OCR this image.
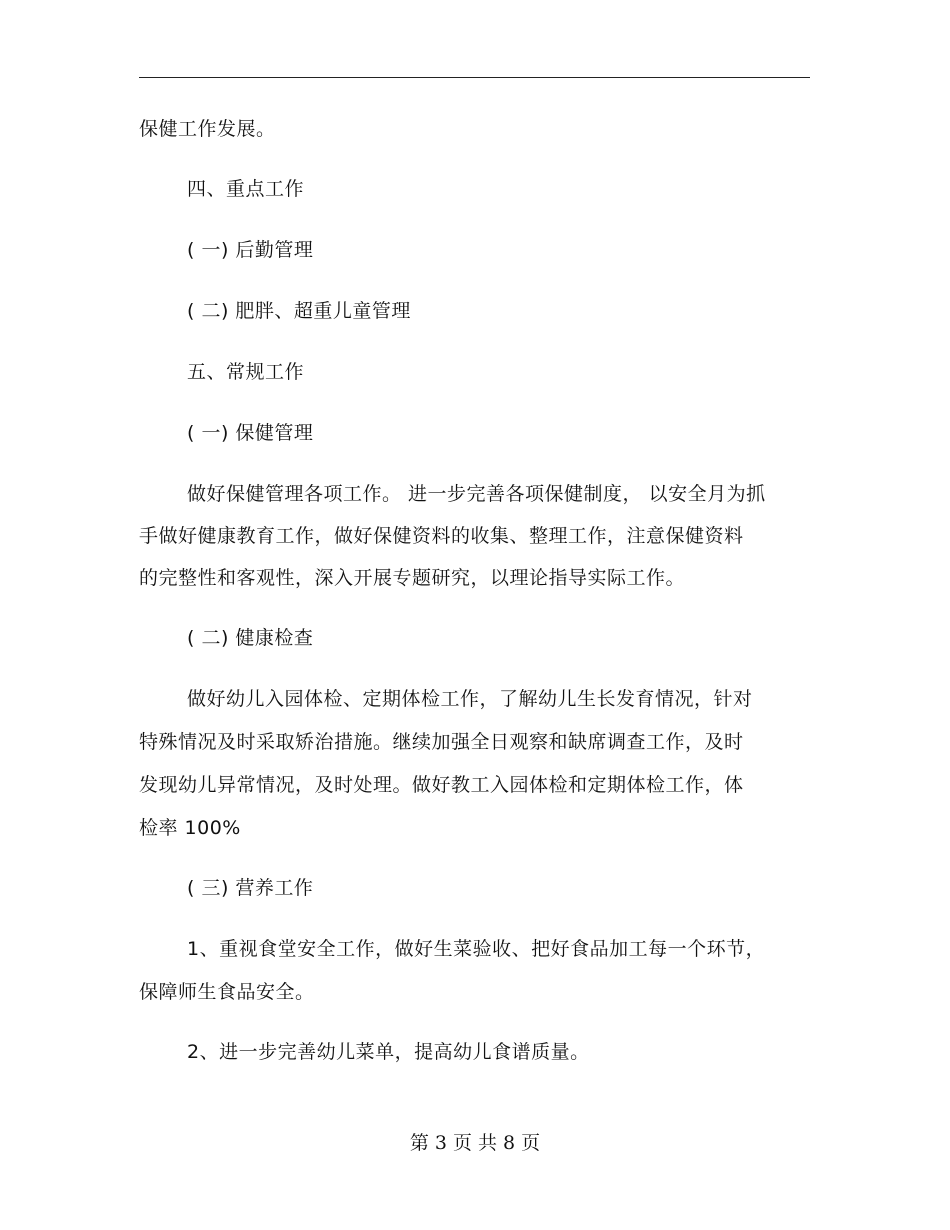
保健工作发展。
四、重点工作
( 一) 后勤管理
( 二) 肥胖、超重儿童管理
五、常规工作
( 一) 保健管理
做好保健管理各项工作。 进一步完善各项保健制度， 以安全月为抓
手做好健康教育工作，做好保健资料的收集、整理工作，注意保健资料
的完整性和客观性，深入开展专题研究，以理论指导实际工作。
( 二) 健康检查
做好幼儿入园体检、定期体检工作，了解幼儿生长发育情况，针对
特殊情况及时采取矫治措施。继续加强全日观察和缺席调查工作，及时
发现幼儿异常情况，及时处理。做好教工入园体检和定期体检工作，体
检率 100%
( 三) 营养工作
1、重视食堂安全工作，做好生菜验收、把好食品加工每一个环节，
保障师生食品安全。
2、进一步完善幼儿菜单，提高幼儿食谱质量。
第 3 页 共 8 页
